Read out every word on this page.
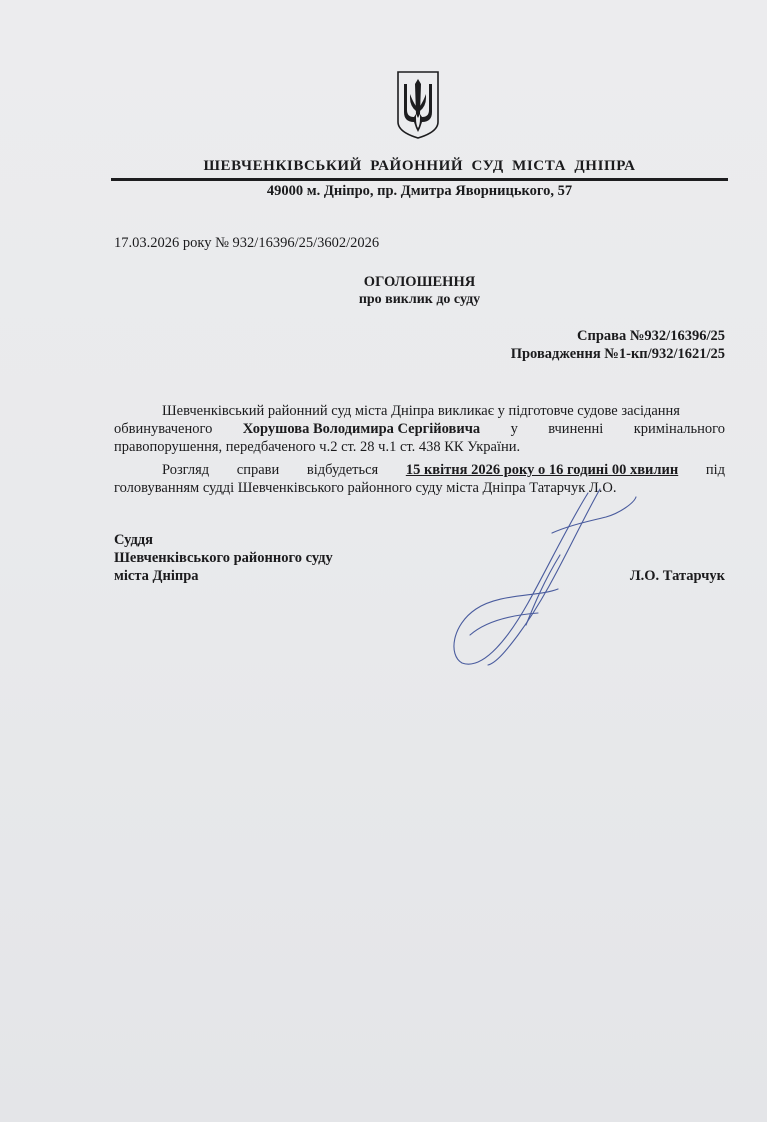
ШЕВЧЕНКІВСЬКИЙ РАЙОННИЙ СУД МІСТА ДНІПРА
49000 м. Дніпро, пр. Дмитра Яворницького, 57
17.03.2026 року № 932/16396/25/3602/2026
ОГОЛОШЕННЯ
про виклик до суду
Справа №932/16396/25
Провадження №1-кп/932/1621/25
Шевченківський районний суд міста Дніпра викликає у підготовче судове засідання
обвинуваченого Хорушова Володимира Сергійовича у вчиненні кримінального
правопорушення, передбаченого ч.2 ст. 28 ч.1 ст. 438 КК України.
Розгляд справи відбудеться 15 квітня 2026 року о 16 годині 00 хвилин під
головуванням судді Шевченківського районного суду міста Дніпра Татарчук Л.О.
Суддя
Шевченківського районного суду
міста Дніпра	Л.О. Татарчук
